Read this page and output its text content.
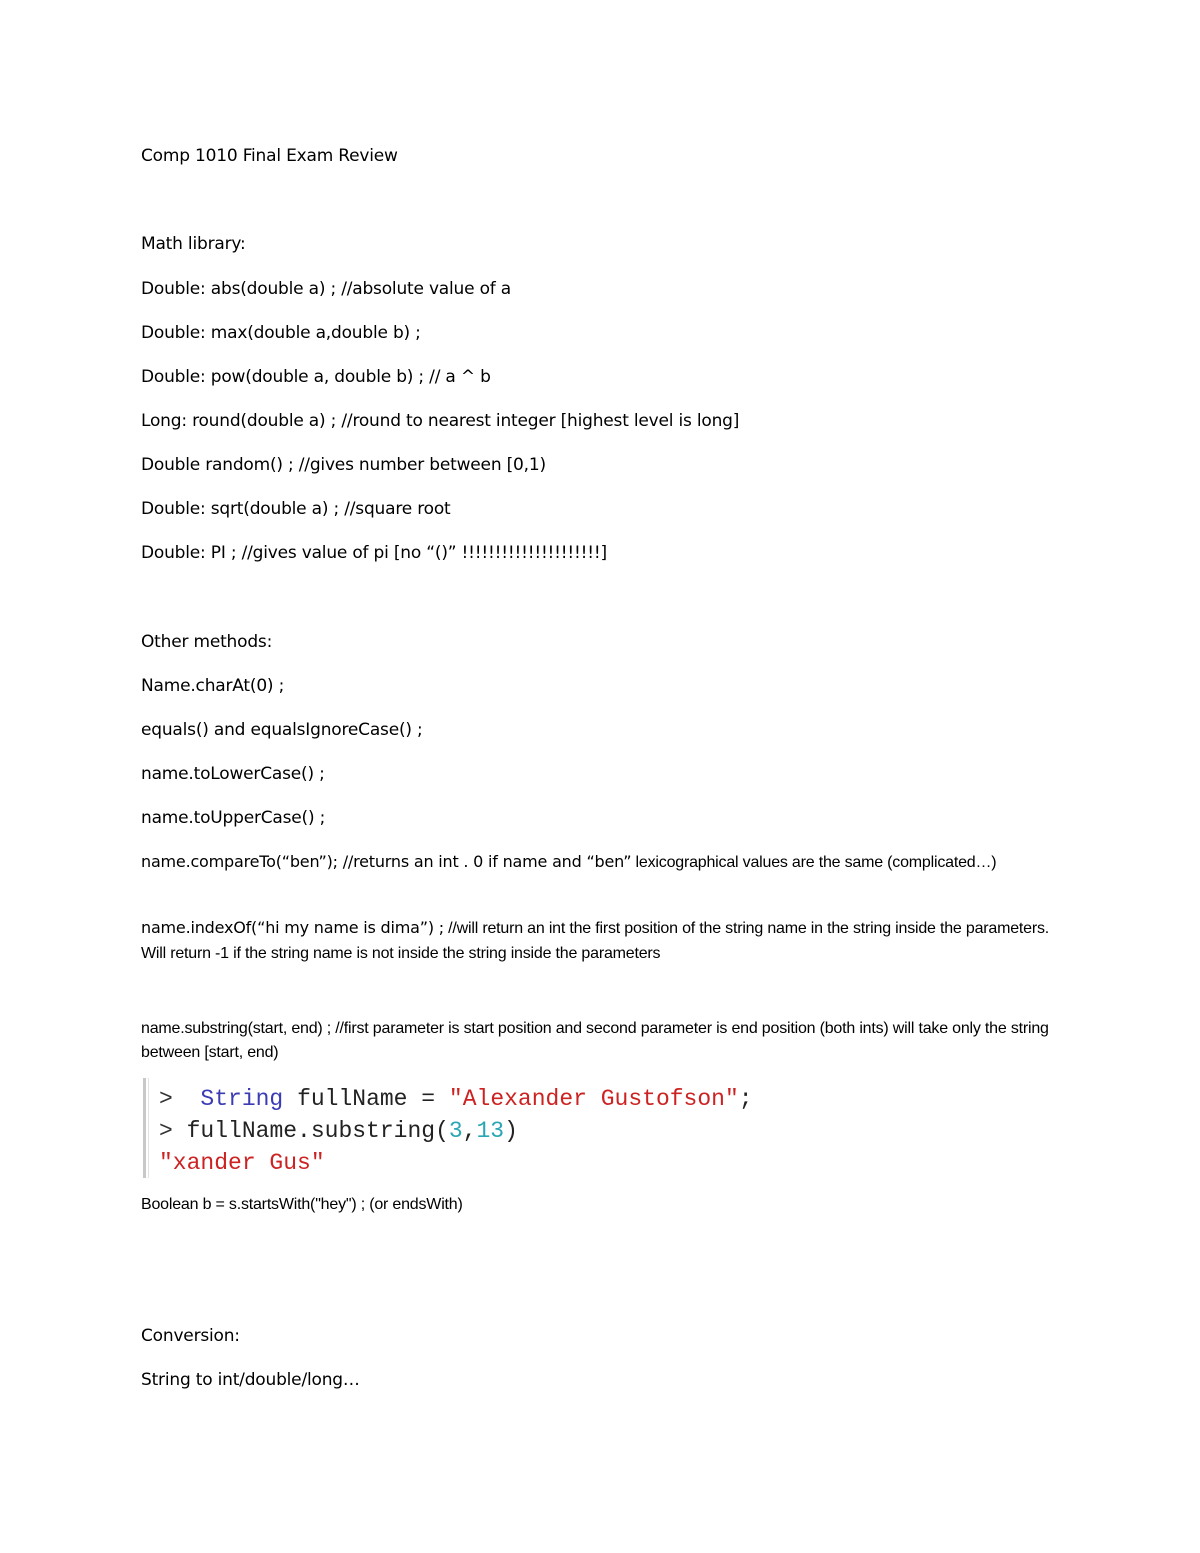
Comp 1010 Final Exam Review
Math library:
Double: abs(double a) ; //absolute value of a
Double: max(double a,double b) ;
Double: pow(double a, double b) ; // a ^ b
Long: round(double a) ; //round to nearest integer [highest level is long]
Double random() ; //gives number between [0,1)
Double: sqrt(double a) ; //square root
Double: PI ; //gives value of pi [no “()” !!!!!!!!!!!!!!!!!!!!!]
Other methods:
Name.charAt(0) ;
equals() and equalsIgnoreCase() ;
name.toLowerCase() ;
name.toUpperCase() ;
name.compareTo(“ben”); //returns an int . 0 if name and “ben” lexicographical values are the same (complicated…)
name.indexOf(“hi my name is dima”) ; //will return an int the first position of the string name in the string inside the parameters. Will return -1 if the string name is not inside the string inside the parameters
name.substring(start, end) ; //first parameter is start position and second parameter is end position (both ints) will take only the string between [start, end)
> String fullName = "Alexander Gustofson";
> fullName.substring(3,13)
"xander Gus"
Boolean b = s.startsWith("hey") ; (or endsWith)
Conversion:
String to int/double/long…
